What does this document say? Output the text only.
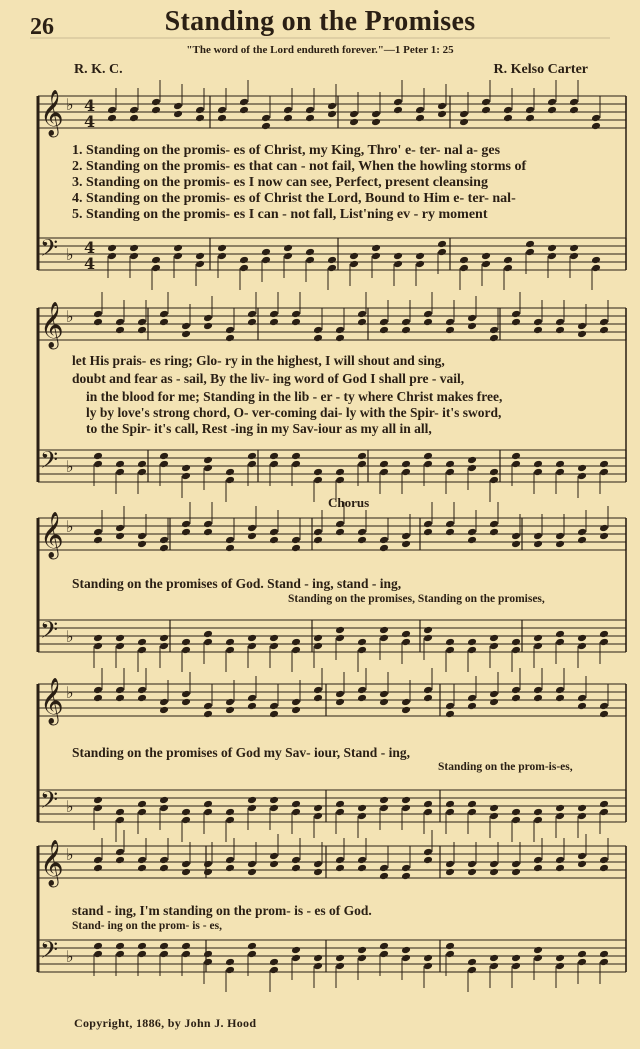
𝄞 ♭
𝄢 ♭
4
4
4
4
𝄞 ♭
𝄢 ♭
𝄞 ♭
𝄢 ♭
𝄞 ♭
𝄢 ♭
𝄞 ♭
𝄢 ♭
26	Standing on the Promises
"The word of the Lord endureth forever."—1 Peter 1: 25
R. K. C.	R. Kelso Carter
1. Standing on the promis- es of Christ, my King, Thro' e- ter- nal a- ges
2. Standing on the promis- es that can - not fail, When the howling storms of
3. Standing on the promis- es I now can see, Perfect, present cleansing
4. Standing on the promis- es of Christ the Lord, Bound to Him e- ter- nal-
5. Standing on the promis- es I can - not fall, List'ning ev - ry moment
let His prais- es ring; Glo- ry in the highest, I will shout and sing,
doubt and fear as - sail, By the liv- ing word of God I shall pre - vail,
in the blood for me; Standing in the lib - er - ty where Christ makes free,
ly by love's strong chord, O- ver-coming dai- ly with the Spir- it's sword,
to the Spir- it's call, Rest -ing in my Sav-iour as my all in all,
Chorus
Standing on the promises of God. Stand - ing, stand - ing,
Standing on the promises, Standing on the promises,
Standing on the promises of God my Sav- iour, Stand - ing,
Standing on the prom-is-es,
stand - ing, I'm standing on the prom- is - es of God.
Stand- ing on the prom- is - es,
Copyright, 1886, by John J. Hood
